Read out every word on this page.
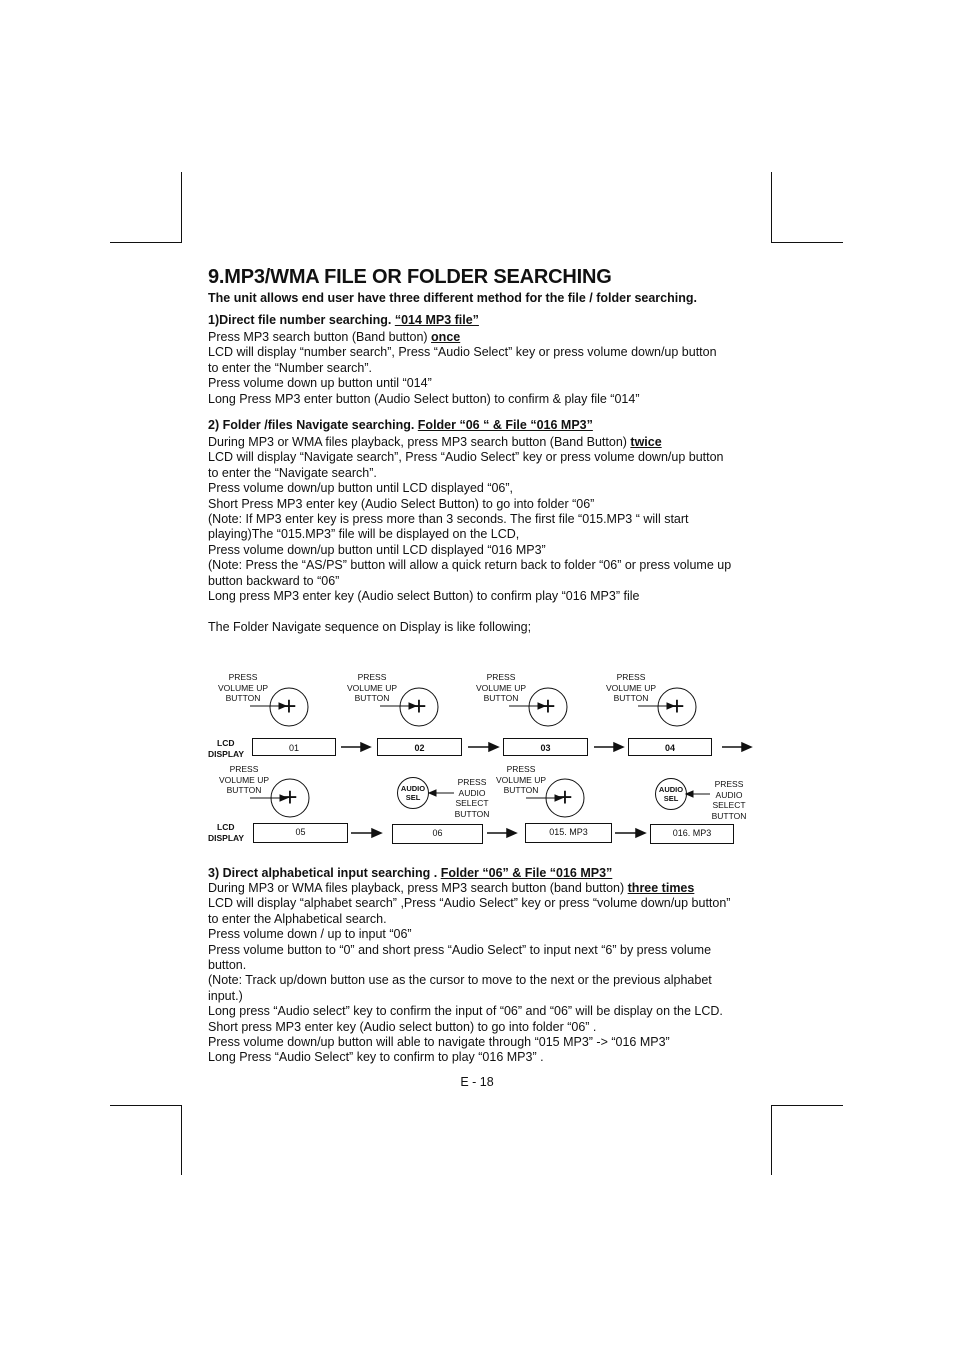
9.MP3/WMA FILE OR FOLDER SEARCHING
The unit allows end user have three different method for the file / folder searching.
1)Direct file number searching. “014 MP3 file”
Press MP3 search button (Band button) once
LCD will display “number search”, Press “Audio Select” key or press volume down/up button
to enter the “Number search”.
Press volume down up button until “014”
Long Press MP3 enter button (Audio Select button) to confirm & play file “014”
2) Folder /files Navigate searching. Folder “06 “ & File “016 MP3”
During MP3 or WMA files playback, press MP3 search button (Band Button) twice
LCD will display “Navigate search”, Press “Audio Select” key or press volume down/up button
to enter the “Navigate search”.
Press volume down/up button until LCD displayed “06”,
Short Press MP3 enter key (Audio Select Button) to go into folder “06”
(Note: If MP3 enter key is press more than 3 seconds. The first file “015.MP3 “ will start
playing)The “015.MP3” file will be displayed on the LCD,
Press volume down/up button until LCD displayed “016 MP3”
(Note: Press the “AS/PS” button will allow a quick return back to folder “06” or press volume up
button backward to “06”
Long press MP3 enter key (Audio select Button) to confirm play “016 MP3” file
The Folder Navigate sequence on Display is like following;
+	+	+	+
+	+
PRESS
VOLUME UP
BUTTON
PRESS
VOLUME UP
BUTTON
PRESS
VOLUME UP
BUTTON
PRESS
VOLUME UP
BUTTON
LCD
DISPLAY
01	02	03	04
PRESS
VOLUME UP
BUTTON
PRESS
VOLUME UP
BUTTON
AUDIO
SEL
AUDIO
SEL
PRESS
AUDIO
SELECT
BUTTON
PRESS
AUDIO
SELECT
BUTTON
LCD
DISPLAY
05	06	015. MP3	016. MP3
3) Direct alphabetical input searching . Folder “06” & File “016 MP3”
During MP3 or WMA files playback, press MP3 search button (band button) three times
LCD will display “alphabet search” ,Press “Audio Select” key or press “volume down/up button”
to enter the Alphabetical search.
Press volume down / up to input “06”
Press volume button to “0” and short press “Audio Select” to input next “6” by press volume
button.
(Note: Track up/down button use as the cursor to move to the next or the previous alphabet
input.)
Long press “Audio select” key to confirm the input of “06” and “06” will be display on the LCD.
Short press MP3 enter key (Audio select button) to go into folder “06” .
Press volume down/up button will able to navigate through “015 MP3” -> “016 MP3”
Long Press “Audio Select” key to confirm to play “016 MP3” .
E - 18
